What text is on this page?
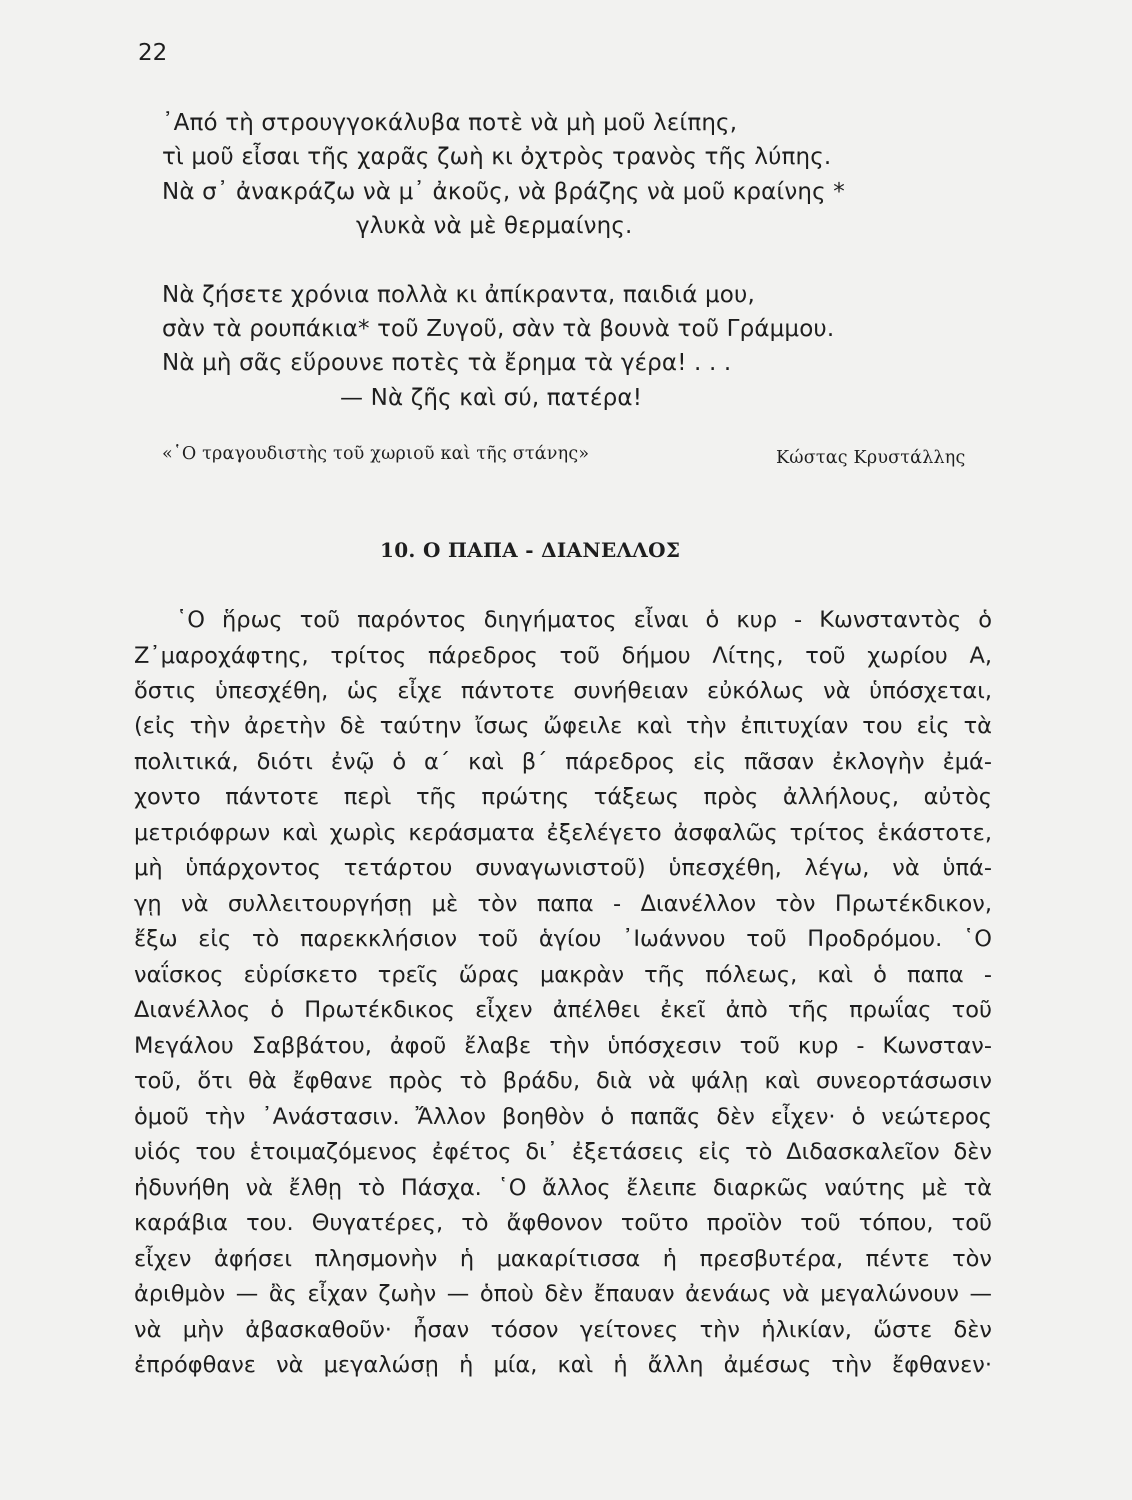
22
᾿Από τὴ στρουγγοκάλυβα ποτὲ νὰ μὴ μοῦ λείπης,
τὶ μοῦ εἶσαι τῆς χαρᾶς ζωὴ κι ὀχτρὸς τρανὸς τῆς λύπης.
Νὰ σ᾿ ἀνακράζω νὰ μ᾿ ἀκοῦς, νὰ βράζης νὰ μοῦ κραίνης *
γλυκὰ νὰ μὲ θερμαίνης.
Νὰ ζήσετε χρόνια πολλὰ κι ἀπίκραντα, παιδιά μου,
σὰν τὰ ρουπάκια* τοῦ Ζυγοῦ, σὰν τὰ βουνὰ τοῦ Γράμμου.
Νὰ μὴ σᾶς εὕρουνε ποτὲς τὰ ἔρημα τὰ γέρα! . . .
— Νὰ ζῆς καὶ σύ, πατέρα!
«῾Ο τραγουδιστὴς τοῦ χωριοῦ καὶ τῆς στάνης»	Κώστας Κρυστάλλης
10. Ο ΠΑΠΑ - ΔΙΑΝΕΛΛΟΣ
῾Ο ἥρως τοῦ παρόντος διηγήματος εἶναι ὁ κυρ - Κωνσταντὸς ὁ
Ζ᾿μαροχάφτης, τρίτος πάρεδρος τοῦ δήμου Λίτης, τοῦ χωρίου Α,
ὅστις ὑπεσχέθη, ὡς εἶχε πάντοτε συνήθειαν εὐκόλως νὰ ὑπόσχεται,
(εἰς τὴν ἀρετὴν δὲ ταύτην ἴσως ὤφειλε καὶ τὴν ἐπιτυχίαν του εἰς τὰ
πολιτικά, διότι ἐνῷ ὁ α΄ καὶ β΄ πάρεδρος εἰς πᾶσαν ἐκλογὴν ἐμά-
χοντο πάντοτε περὶ τῆς πρώτης τάξεως πρὸς ἀλλήλους, αὐτὸς
μετριόφρων καὶ χωρὶς κεράσματα ἐξελέγετο ἀσφαλῶς τρίτος ἑκάστοτε,
μὴ ὑπάρχοντος τετάρτου συναγωνιστοῦ) ὑπεσχέθη, λέγω, νὰ ὑπά-
γῃ νὰ συλλειτουργήσῃ μὲ τὸν παπα - Διανέλλον τὸν Πρωτέκδικον,
ἔξω εἰς τὸ παρεκκλήσιον τοῦ ἁγίου ᾿Ιωάννου τοῦ Προδρόμου. ῾Ο
ναΐσκος εὑρίσκετο τρεῖς ὥρας μακρὰν τῆς πόλεως, καὶ ὁ παπα -
Διανέλλος ὁ Πρωτέκδικος εἶχεν ἀπέλθει ἐκεῖ ἀπὸ τῆς πρωΐας τοῦ
Μεγάλου Σαββάτου, ἀφοῦ ἔλαβε τὴν ὑπόσχεσιν τοῦ κυρ - Κωνσταν-
τοῦ, ὅτι θὰ ἔφθανε πρὸς τὸ βράδυ, διὰ νὰ ψάλῃ καὶ συνεορτάσωσιν
ὁμοῦ τὴν ᾿Ανάστασιν. Ἄλλον βοηθὸν ὁ παπᾶς δὲν εἶχεν· ὁ νεώτερος
υἱός του ἑτοιμαζόμενος ἐφέτος δι᾿ ἐξετάσεις εἰς τὸ Διδασκαλεῖον δὲν
ἠδυνήθη νὰ ἔλθῃ τὸ Πάσχα. ῾Ο ἄλλος ἔλειπε διαρκῶς ναύτης μὲ τὰ
καράβια του. Θυγατέρες, τὸ ἄφθονον τοῦτο προϊὸν τοῦ τόπου, τοῦ
εἶχεν ἀφήσει πλησμονὴν ἡ μακαρίτισσα ἡ πρεσβυτέρα, πέντε τὸν
ἀριθμὸν — ἂς εἶχαν ζωὴν — ὁποὺ δὲν ἔπαυαν ἀενάως νὰ μεγαλώνουν —
νὰ μὴν ἀβασκαθοῦν· ἦσαν τόσον γείτονες τὴν ἡλικίαν, ὥστε δὲν
ἐπρόφθανε νὰ μεγαλώσῃ ἡ μία, καὶ ἡ ἄλλη ἀμέσως τὴν ἔφθανεν·
